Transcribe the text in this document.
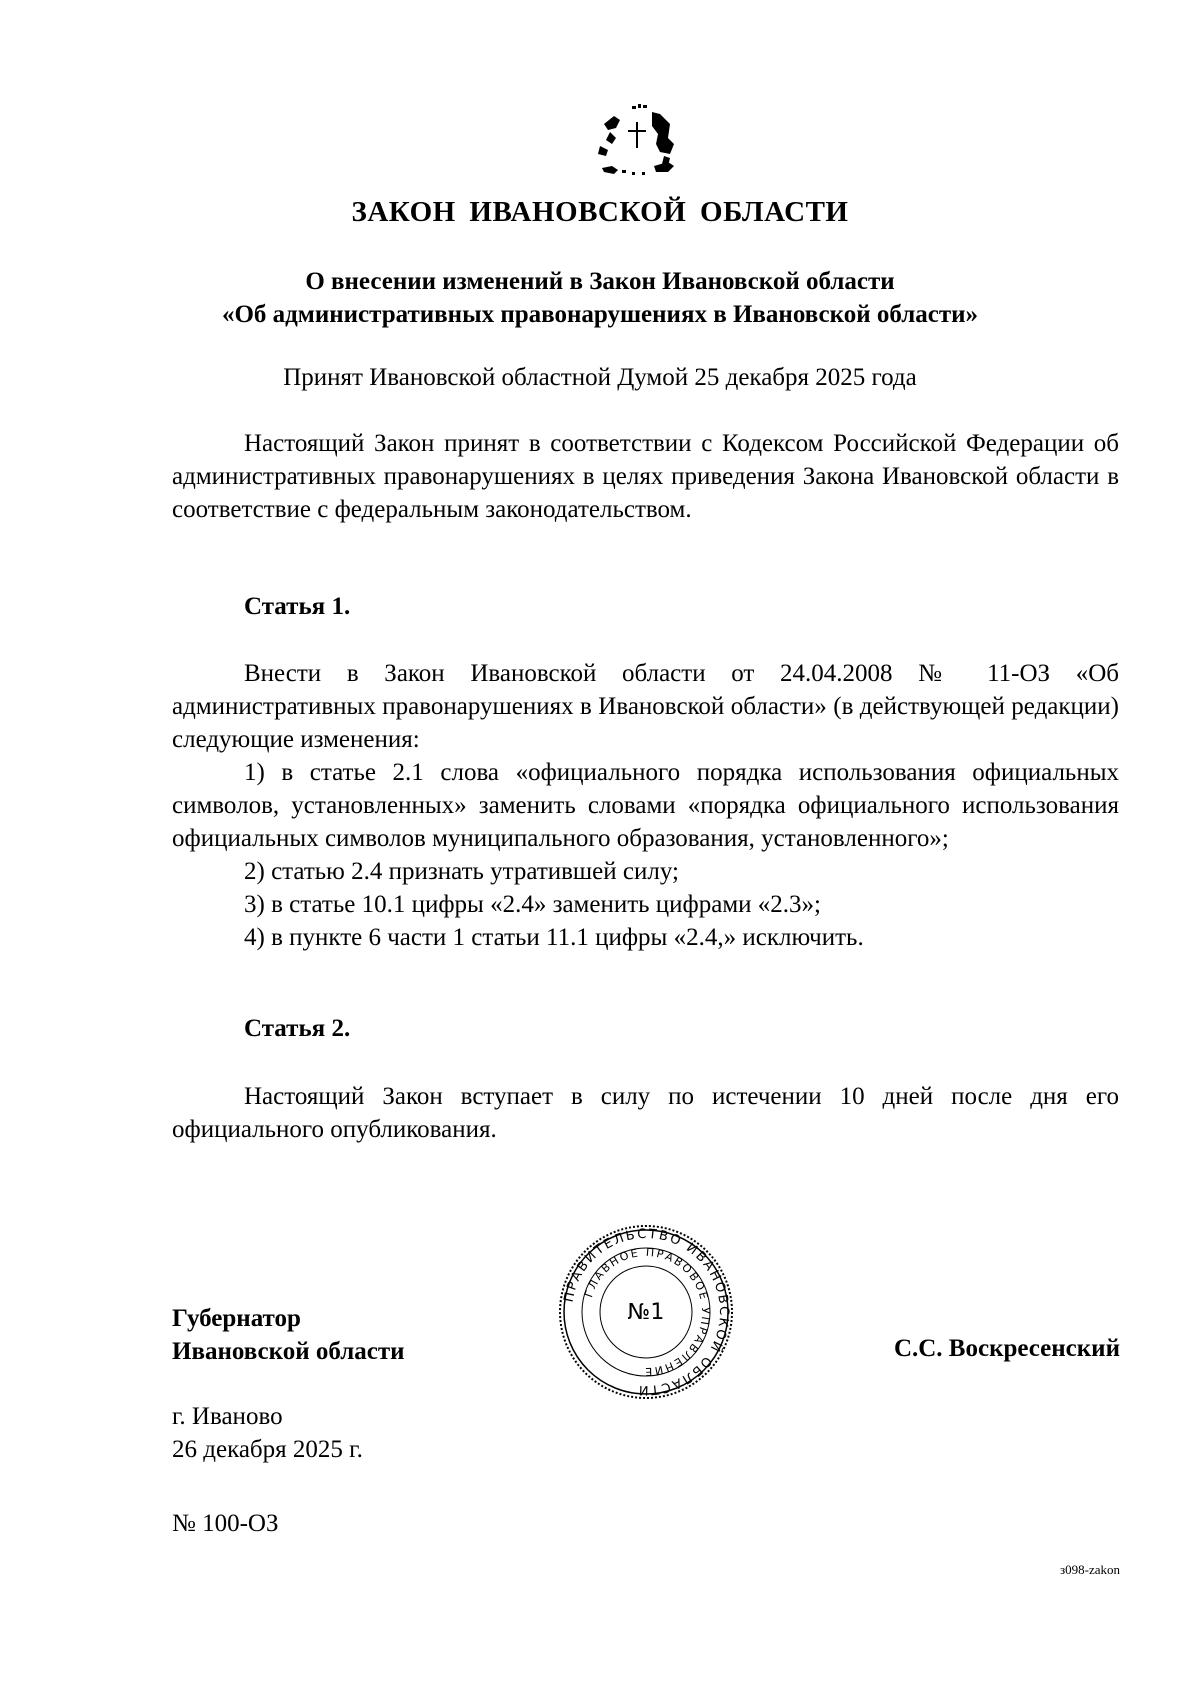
ЗАКОН ИВАНОВСКОЙ ОБЛАСТИ
О внесении изменений в Закон Ивановской области
«Об административных правонарушениях в Ивановской области»
Принят Ивановской областной Думой 25 декабря 2025 года

Настоящий Закон принят в соответствии с Кодексом Российской Федерации об административных правонарушениях в целях приведения Закона Ивановской области в соответствие с федеральным законодательством.

Статья 1.

Внести в Закон Ивановской области от 24.04.2008 № 11-ОЗ «Об административных правонарушениях в Ивановской области» (в действующей редакции) следующие изменения:

1) в статье 2.1 слова «официального порядка использования официальных символов, установленных» заменить словами «порядка официального использования официальных символов муниципального образования, установленного»;

2) статью 2.4 признать утратившей силу;

3) в статье 10.1 цифры «2.4» заменить цифрами «2.3»;

4) в пункте 6 части 1 статьи 11.1 цифры «2.4,» исключить.

Статья 2.

Настоящий Закон вступает в силу по истечении 10 дней после дня его официального опубликования.

Губернатор
Ивановской области
ПРАВИТЕЛЬСТВО ИВАНОВСКОЙ ОБЛАСТИ
ГЛАВНОЕ ПРАВОВОЕ УПРАВЛЕНИЕ
№1
С.С. Воскресенский
г. Иваново
26 декабря 2025 г.
№ 100-ОЗ
з098-zakon
